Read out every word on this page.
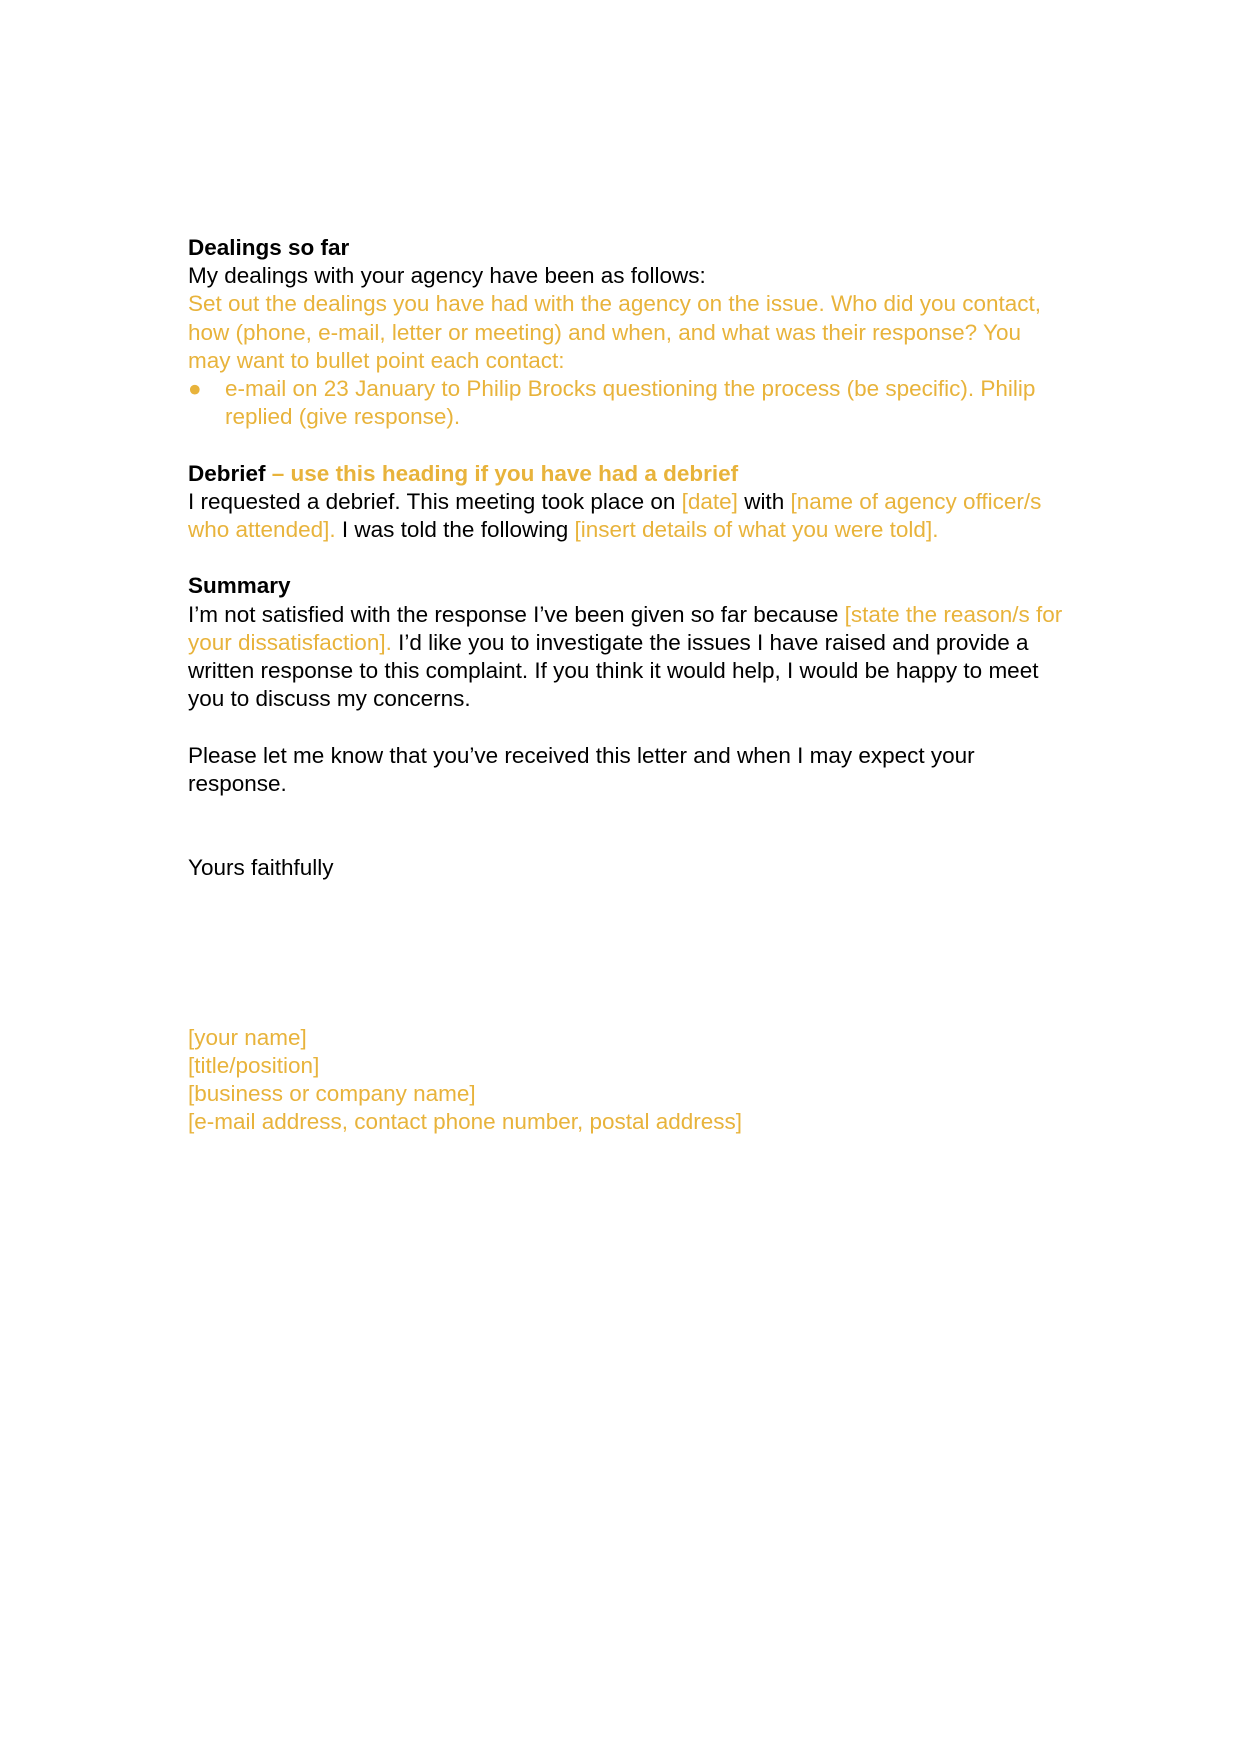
Dealings so far

My dealings with your agency have been as follows:

Set out the dealings you have had with the agency on the issue. Who did you contact, how (phone, e-mail, letter or meeting) and when, and what was their response? You may want to bullet point each contact:

●	e-mail on 23 January to Philip Brocks questioning the process (be specific). Philip replied (give response).

Debrief – use this heading if you have had a debrief

I requested a debrief. This meeting took place on [date] with [name of agency officer/s who attended]. I was told the following [insert details of what you were told].

Summary

I’m not satisfied with the response I’ve been given so far because [state the reason/s for your dissatisfaction]. I’d like you to investigate the issues I have raised and provide a written response to this complaint. If you think it would help, I would be happy to meet you to discuss my concerns.

Please let me know that you’ve received this letter and when I may expect your response.

Yours faithfully

[your name]

[title/position]

[business or company name]

[e-mail address, contact phone number, postal address]
